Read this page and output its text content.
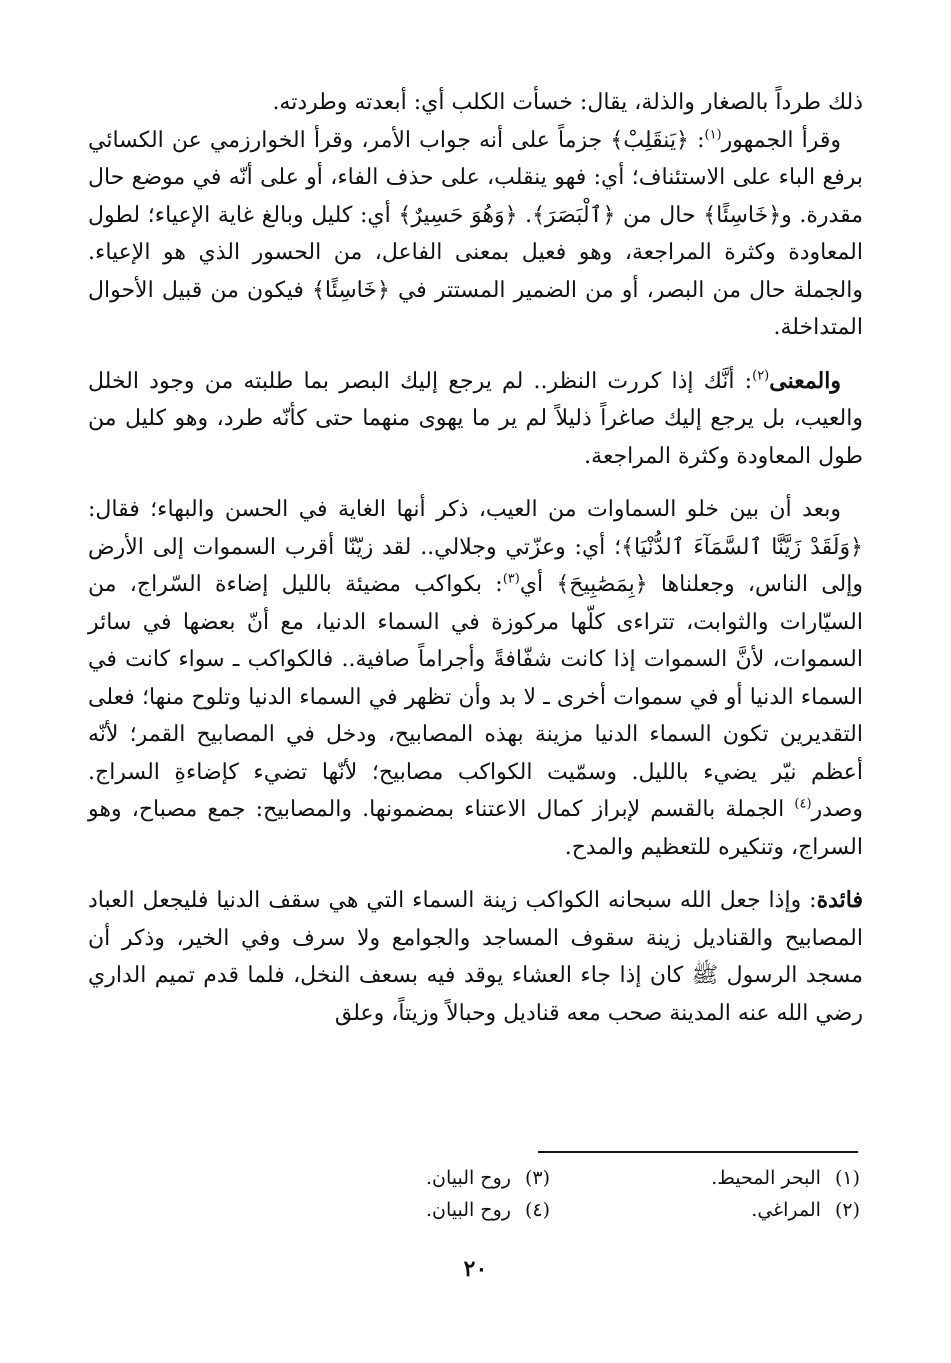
ذلك طرداً بالصغار والذلة، يقال: خسأت الكلب أي: أبعدته وطردته.

وقرأ الجمهور$^{(١)}$: ﴿يَنقَلِبْ﴾ جزماً على أنه جواب الأمر، وقرأ الخوارزمي عن الكسائي برفع الباء على الاستئناف؛ أي: فهو ينقلب، على حذف الفاء، أو على أنّه في موضع حال مقدرة. و﴿خَاسِئًا﴾ حال من ﴿ٱلْبَصَرَ﴾. ﴿وَهُوَ حَسِيرٌ﴾ أي: كليل وبالغ غاية الإعياء؛ لطول المعاودة وكثرة المراجعة، وهو فعيل بمعنى الفاعل، من الحسور الذي هو الإعياء. والجملة حال من البصر، أو من الضمير المستتر في ﴿خَاسِئًا﴾ فيكون من قبيل الأحوال المتداخلة.

والمعنى$^{(٢)}$: أنَّك إذا كررت النظر.. لم يرجع إليك البصر بما طلبته من وجود الخلل والعيب، بل يرجع إليك صاغراً ذليلاً لم ير ما يهوى منهما حتى كأنّه طرد، وهو كليل من طول المعاودة وكثرة المراجعة.

وبعد أن بين خلو السماوات من العيب، ذكر أنها الغاية في الحسن والبهاء؛ فقال: ﴿وَلَقَدْ زَيَّنَّا ٱلسَّمَآءَ ٱلدُّنْيَا﴾؛ أي: وعزّتي وجلالي.. لقد زيّنّا أقرب السموات إلى الأرض وإلى الناس، وجعلناها ﴿بِمَصَٰبِيحَ﴾ أي$^{(٣)}$: بكواكب مضيئة بالليل إضاءة السّراج، من السيّارات والثوابت، تتراءى كلّها مركوزة في السماء الدنيا، مع أنّ بعضها في سائر السموات، لأنَّ السموات إذا كانت شفّافةً وأجراماً صافية.. فالكواكب ـ سواء كانت في السماء الدنيا أو في سموات أخرى ـ لا بد وأن تظهر في السماء الدنيا وتلوح منها؛ فعلى التقديرين تكون السماء الدنيا مزينة بهذه المصابيح، ودخل في المصابيح القمر؛ لأنّه أعظم نيّر يضيء بالليل. وسمّيت الكواكب مصابيح؛ لأنّها تضيء كإضاءةِ السراج. وصدر$^{(٤)}$ الجملة بالقسم لإبراز كمال الاعتناء بمضمونها. والمصابيح: جمع مصباح، وهو السراج، وتنكيره للتعظيم والمدح.

فائدة: وإذا جعل الله سبحانه الكواكب زينة السماء التي هي سقف الدنيا فليجعل العباد المصابيح والقناديل زينة سقوف المساجد والجوامع ولا سرف وفي الخير، وذكر أن مسجد الرسول ﷺ كان إذا جاء العشاء يوقد فيه بسعف النخل، فلما قدم تميم الداري رضي الله عنه المدينة صحب معه قناديل وحبالاً وزيتاً، وعلق

(١)البحر المحيط.
(٣)روح البيان.
(٢)المراغي.
(٤)روح البيان.
٢٠
